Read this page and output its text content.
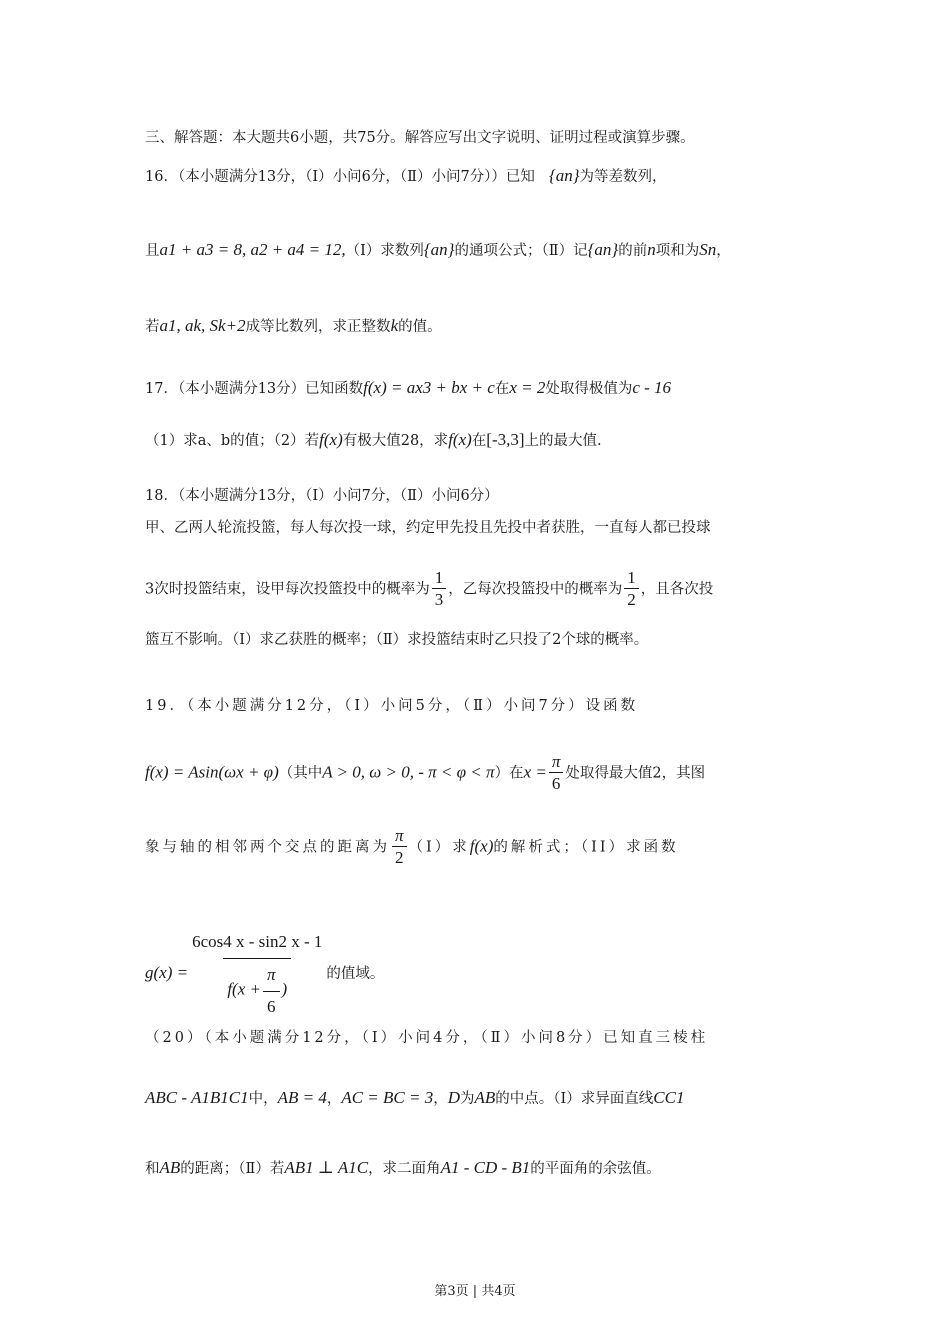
三、解答题：本大题共6小题，共75分。解答应写出文字说明、证明过程或演算步骤。
16．（本小题满分13分，（Ⅰ）小问6分，（Ⅱ）小问7分））已知 {an}为等差数列，
且a1 + a3 = 8, a2 + a4 = 12,（Ⅰ）求数列{an}的通项公式；（Ⅱ）记{an}的前n项和为Sn，
若a1, ak, Sk+2成等比数列，求正整数k的值。
17．（本小题满分13分）已知函数f(x) = ax3 + bx + c在x = 2处取得极值为c - 16
（1）求a、b的值；（2）若f(x)有极大值28，求f(x)在[-3,3]上的最大值.
18．（本小题满分13分，（Ⅰ）小问7分，（Ⅱ）小问6分）
甲、乙两人轮流投篮，每人每次投一球，约定甲先投且先投中者获胜，一直每人都已投球
3次时投篮结束，设甲每次投篮投中的概率为 $\frac{1}{3}$ ，乙每次投篮投中的概率为 $\frac{1}{2}$ ，且各次投
篮互不影响。（Ⅰ）求乙获胜的概率；（Ⅱ）求投篮结束时乙只投了2个球的概率。
19．（本小题满分12分，（Ⅰ）小问5分，（Ⅱ）小问7分）设函数
f(x) = Asin(ωx + φ)（其中A > 0, ω > 0, - π < φ < π）在$x = \frac{\pi}{6}$ 处取得最大值2，其图
象与轴的相邻两个交点的距离为 $\frac{\pi}{2} (I)$求f(x)的解析式；（II）求函数
$g(x) = \frac{6\cos 4 x - \sin 2 x - 1}{f(x + \frac{\pi}{6} )}$ 的值域。
（20）（本小题满分12分，（Ⅰ）小问4分，（Ⅱ）小问8分）已知直三棱柱
ABC - A1B1C1中，AB = 4，AC = BC = 3，D为AB的中点。（Ⅰ）求异面直线CC1
和AB的距离；（Ⅱ）若AB1 ⊥ A1C，求二面角A1 - CD - B1的平面角的余弦值。
第3页 | 共4页
